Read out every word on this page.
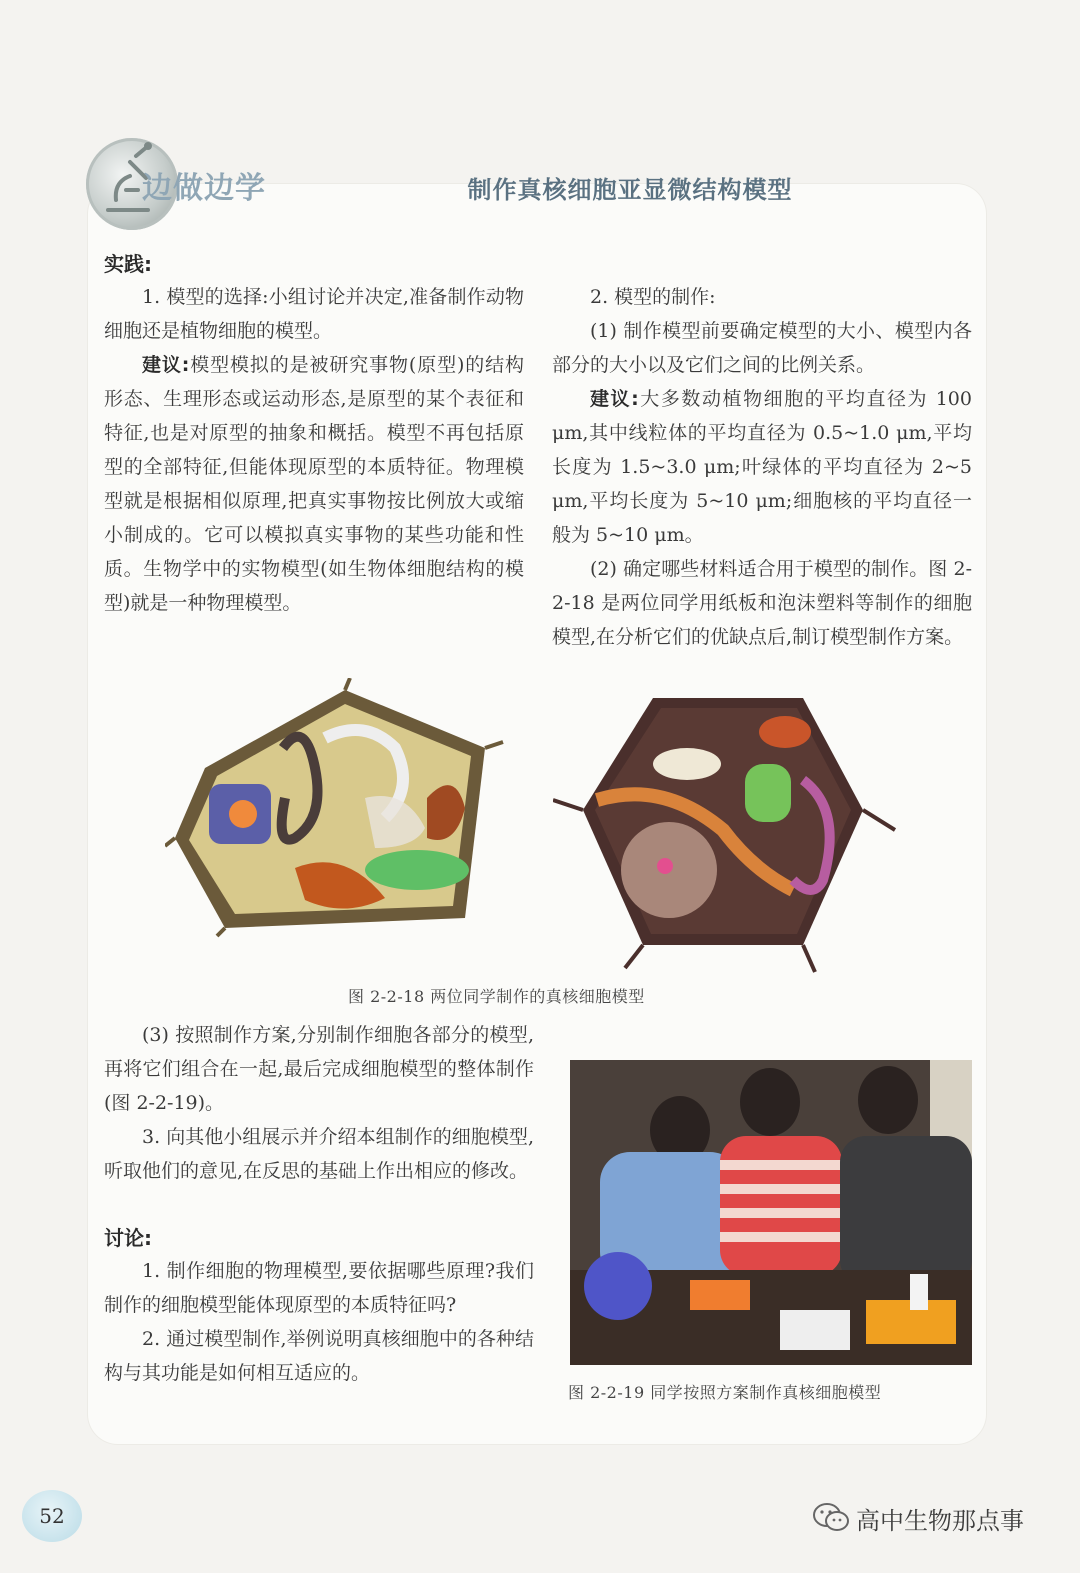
边做边学	制作真核细胞亚显微结构模型
实践:

1. 模型的选择:小组讨论并决定,准备制作动物细胞还是植物细胞的模型。

建议:模型模拟的是被研究事物(原型)的结构形态、生理形态或运动形态,是原型的某个表征和特征,也是对原型的抽象和概括。模型不再包括原型的全部特征,但能体现原型的本质特征。物理模型就是根据相似原理,把真实事物按比例放大或缩小制成的。它可以模拟真实事物的某些功能和性质。生物学中的实物模型(如生物体细胞结构的模型)就是一种物理模型。

2. 模型的制作:

(1) 制作模型前要确定模型的大小、模型内各部分的大小以及它们之间的比例关系。

建议:大多数动植物细胞的平均直径为 100 μm,其中线粒体的平均直径为 0.5~1.0 μm,平均长度为 1.5~3.0 μm;叶绿体的平均直径为 2~5 μm,平均长度为 5~10 μm;细胞核的平均直径一般为 5~10 μm。

(2) 确定哪些材料适合用于模型的制作。图 2-2-18 是两位同学用纸板和泡沫塑料等制作的细胞模型,在分析它们的优缺点后,制订模型制作方案。

图 2-2-18 两位同学制作的真核细胞模型

(3) 按照制作方案,分别制作细胞各部分的模型,再将它们组合在一起,最后完成细胞模型的整体制作(图 2-2-19)。

3. 向其他小组展示并介绍本组制作的细胞模型,听取他们的意见,在反思的基础上作出相应的修改。

讨论:

1. 制作细胞的物理模型,要依据哪些原理?我们制作的细胞模型能体现原型的本质特征吗?

2. 通过模型制作,举例说明真核细胞中的各种结构与其功能是如何相互适应的。

图 2-2-19 同学按照方案制作真核细胞模型
52	高中生物那点事
